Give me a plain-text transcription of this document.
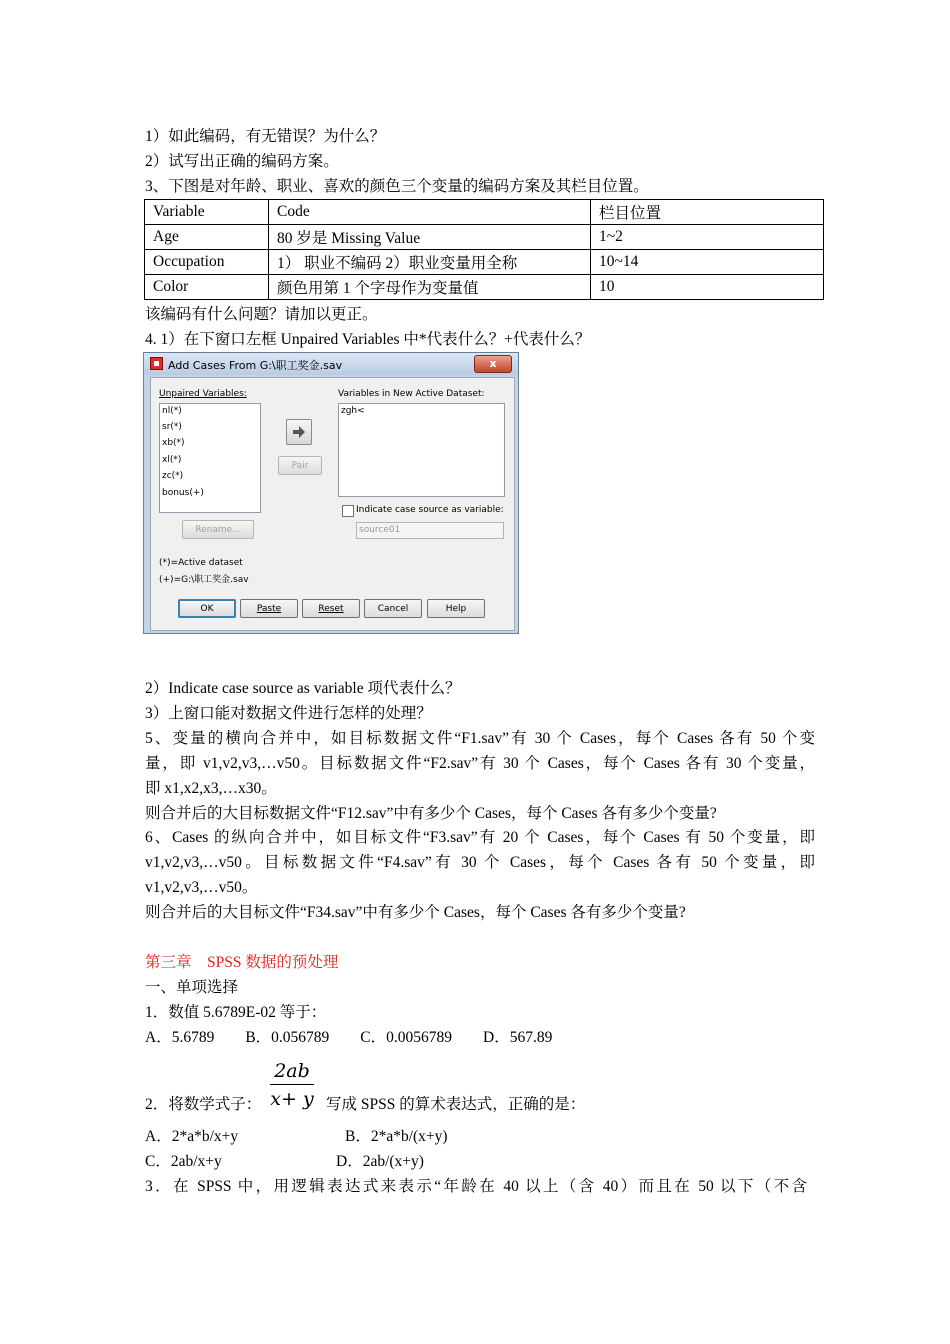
1）如此编码，有无错误？为什么？
2）试写出正确的编码方案。
3、下图是对年龄、职业、喜欢的颜色三个变量的编码方案及其栏目位置。
Variable	Code	栏目位置
Age	80 岁是 Missing Value	1~2
Occupation	1） 职业不编码 2）职业变量用全称	10~14
Color	颜色用第 1 个字母作为变量值	10
该编码有什么问题？请加以更正。
4. 1）在下窗口左框 Unpaired Variables 中*代表什么？+代表什么？
Add Cases From G:\职工奖金.sav	x
Unpaired Variables:
nl(*)
sr(*)
xb(*)
xl(*)
zc(*)
bonus(+)
Pair
Rename...
Variables in New Active Dataset:
zgh<
Indicate case source as variable:
source01
(*)=Active dataset
(+)=G:\职工奖金.sav
OK	Paste	Reset	Cancel	Help
2）Indicate case source as variable 项代表什么？
3）上窗口能对数据文件进行怎样的处理？
5、变量的横向合并中，如目标数据文件“F1.sav”有 30 个 Cases，每个 Cases 各有 50 个变
量，即 v1,v2,v3,…v50。目标数据文件“F2.sav”有 30 个 Cases，每个 Cases 各有 30 个变量，
即 x1,x2,x3,…x30。
则合并后的大目标数据文件“F12.sav”中有多少个 Cases，每个 Cases 各有多少个变量?
6、Cases 的纵向合并中，如目标文件“F3.sav”有 20 个 Cases，每个 Cases 有 50 个变量，即
v1,v2,v3,…v50。目标数据文件“F4.sav”有 30 个 Cases，每个 Cases 各有 50 个变量，即
v1,v2,v3,…v50。
则合并后的大目标文件“F34.sav”中有多少个 Cases，每个 Cases 各有多少个变量?
第三章　SPSS 数据的预处理
一、单项选择
1．数值 5.6789E-02 等于：
A．5.6789　　B．0.056789　　C．0.0056789　　D．567.89
2ab
x+ y
2．将数学式子：	写成 SPSS 的算术表达式，正确的是：
A．2*a*b/x+y	B．2*a*b/(x+y)
C．2ab/x+y	D．2ab/(x+y)
3．在 SPSS 中，用逻辑表达式来表示“年龄在 40 以上（含 40）而且在 50 以下（不含
